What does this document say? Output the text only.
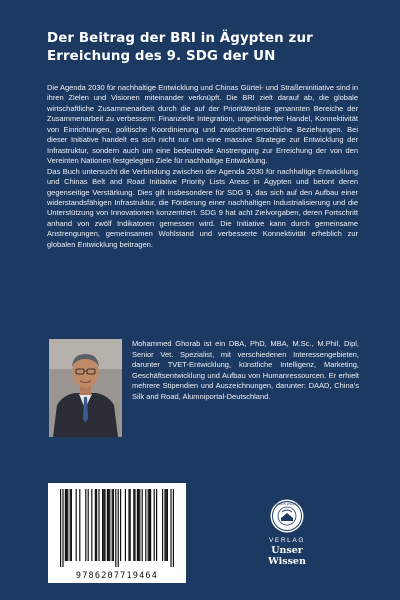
Der Beitrag der BRI in Ägypten zur Erreichung des 9. SDG der UN

Die Agenda 2030 für nachhaltige Entwicklung und Chinas Gürtel- und Straßeninitiative sind in ihren Zielen und Visionen miteinander verknüpft. Die BRI zielt darauf ab, die globale wirtschaftliche Zusammenarbeit durch die auf der Prioritätenliste genannten Bereiche der Zusammenarbeit zu verbessern: Finanzielle Integration, ungehinderter Handel, Konnektivität von Einrichtungen, politische Koordinierung und zwischenmenschliche Beziehungen. Bei dieser Initiative handelt es sich nicht nur um eine massive Strategie zur Entwicklung der Infrastruktur, sondern auch um eine bedeutende Anstrengung zur Erreichung der von den Vereinten Nationen festgelegten Ziele für nachhaltige Entwicklung.

Das Buch untersucht die Verbindung zwischen der Agenda 2030 für nachhaltige Entwicklung und Chinas Belt and Road Initiative Priority Lists Areas in Ägypten und betont deren gegenseitige Verstärkung. Dies gilt insbesondere für SDG 9, das sich auf den Aufbau einer widerstandsfähigen Infrastruktur, die Förderung einer nachhaltigen Industrialisierung und die Unterstützung von Innovationen konzentriert. SDG 9 hat acht Zielvorgaben, deren Fortschritt anhand von zwölf Indikatoren gemessen wird. Die Initiative kann durch gemeinsame Anstrengungen, gemeinsamen Wohlstand und verbesserte Konnektivität erheblich zur globalen Entwicklung beitragen.

Mohammed Ghorab ist ein DBA, PhD, MBA, M.Sc., M.Phil, Dipl, Senior Vet. Spezialist, mit verschiedenen Interessengebieten, darunter TVET-Entwicklung, künstliche Intelligenz, Marketing, Geschäftsentwicklung und Aufbau von Humanressourcen. Er erhielt mehrere Stipendien und Auszeichnungen, darunter: DAAD, China's Silk and Road, Alumniportal-Deutschland.
9786207719464
UNSER WISSEN
VERLAG
Unser Wissen
